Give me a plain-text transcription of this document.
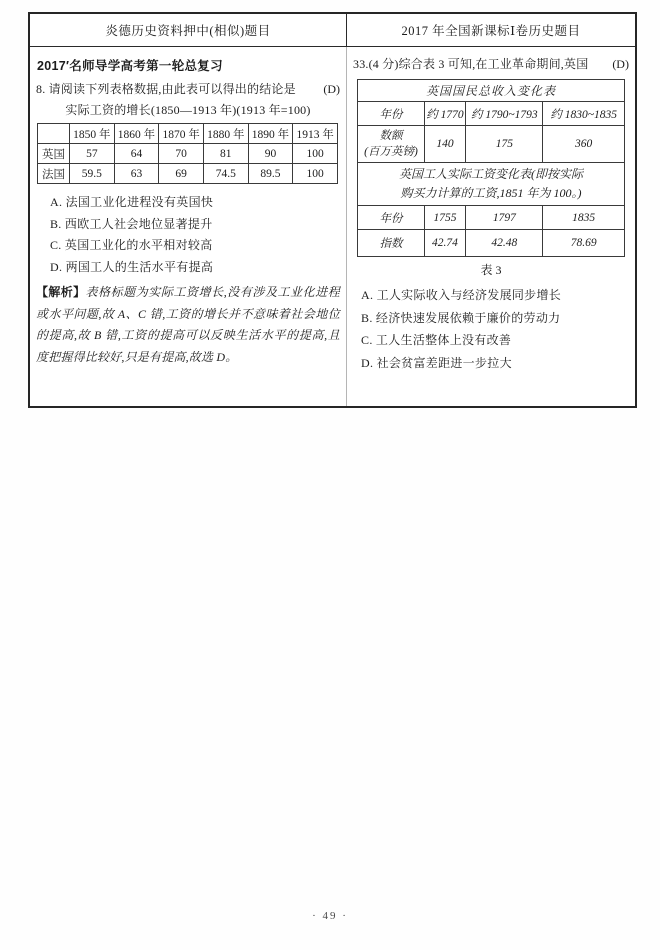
炎德历史资料押中(相似)题目	2017 年全国新课标Ⅰ卷历史题目
2017′名师导学高考第一轮总复习
8. 请阅读下列表格数据,由此表可以得出的结论是	(D)
实际工资的增长(1850—1913 年)(1913 年=100)
	1850 年	1860 年	1870 年	1880 年	1890 年	1913 年
英国	57	64	70	81	90	100
法国	59.5	63	69	74.5	89.5	100
A. 法国工业化进程没有英国快
B. 西欧工人社会地位显著提升
C. 英国工业化的水平相对较高
D. 两国工人的生活水平有提高

【解析】表格标题为实际工资增长,没有涉及工业化进程或水平问题,故 A、C 错,工资的增长并不意味着社会地位的提高,故 B 错,工资的提高可以反映生活水平的提高,且度把握得比较好,只是有提高,故选 D。

33.(4 分)综合表 3 可知,在工业革命期间,英国	(D)
英国国民总收入变化表			
年份	约 1770	约 1790~1793	约 1830~1835

数额
(百万英镑)	140	175	360

英国工人实际工资变化表(即按实际
购买力计算的工资,1851 年为 100。)			

年份	1755	1797	1835
指数	42.74	42.48	78.69
表 3
A. 工人实际收入与经济发展同步增长
B. 经济快速发展依赖于廉价的劳动力
C. 工人生活整体上没有改善
D. 社会贫富差距进一步拉大
· 49 ·
